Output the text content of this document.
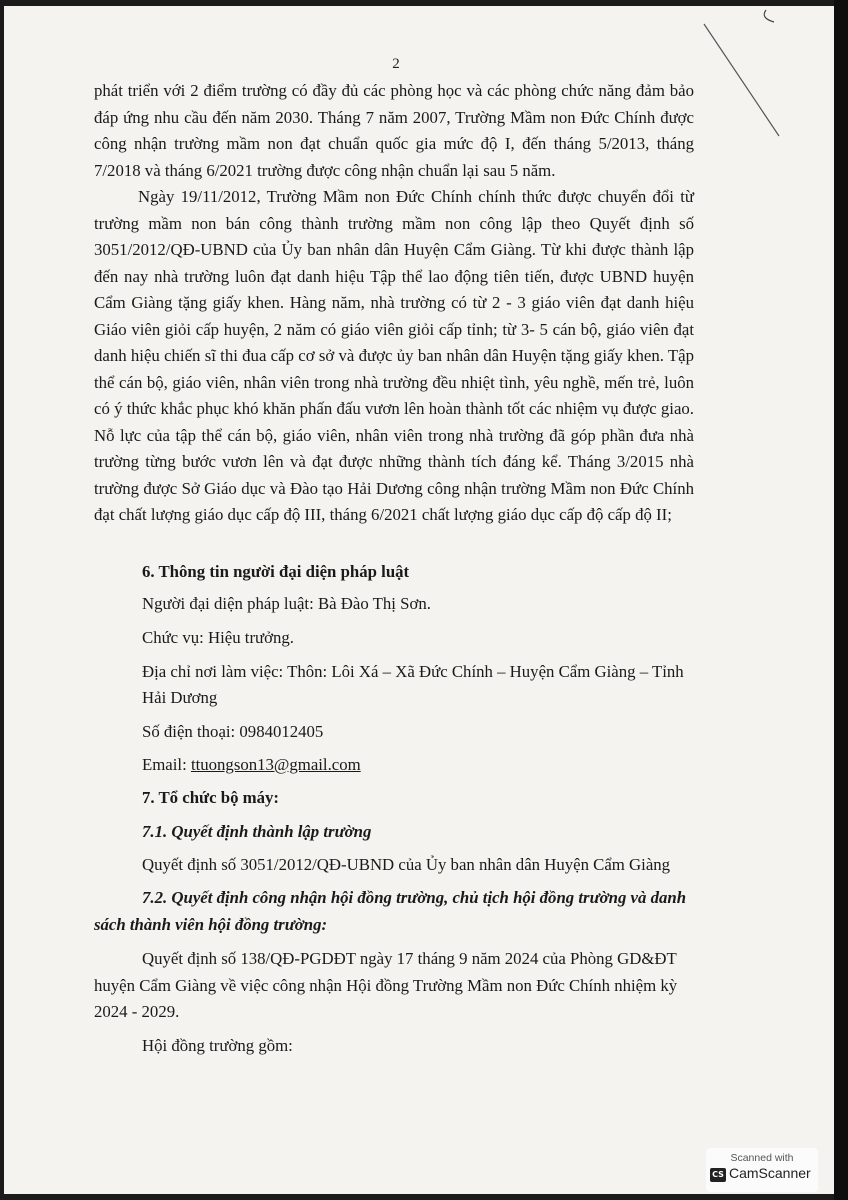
2

phát triển với 2 điểm trường có đầy đủ các phòng học và các phòng chức năng đảm bảo đáp ứng nhu cầu đến năm 2030. Tháng 7 năm 2007, Trường Mầm non Đức Chính được công nhận trường mầm non đạt chuẩn quốc gia mức độ I, đến tháng 5/2013, tháng 7/2018 và tháng 6/2021 trường được công nhận chuẩn lại sau 5 năm.

Ngày 19/11/2012, Trường Mầm non Đức Chính chính thức được chuyển đổi từ trường mầm non bán công thành trường mầm non công lập theo Quyết định số 3051/2012/QĐ-UBND của Ủy ban nhân dân Huyện Cẩm Giàng. Từ khi được thành lập đến nay nhà trường luôn đạt danh hiệu Tập thể lao động tiên tiến, được UBND huyện Cẩm Giàng tặng giấy khen. Hàng năm, nhà trường có từ 2 - 3 giáo viên đạt danh hiệu Giáo viên giỏi cấp huyện, 2 năm có giáo viên giỏi cấp tỉnh; từ 3- 5 cán bộ, giáo viên đạt danh hiệu chiến sĩ thi đua cấp cơ sở và được ủy ban nhân dân Huyện tặng giấy khen. Tập thể cán bộ, giáo viên, nhân viên trong nhà trường đều nhiệt tình, yêu nghề, mến trẻ, luôn có ý thức khắc phục khó khăn phấn đấu vươn lên hoàn thành tốt các nhiệm vụ được giao. Nỗ lực của tập thể cán bộ, giáo viên, nhân viên trong nhà trường đã góp phần đưa nhà trường từng bước vươn lên và đạt được những thành tích đáng kể. Tháng 3/2015 nhà trường được Sở Giáo dục và Đào tạo Hải Dương công nhận trường Mầm non Đức Chính đạt chất lượng giáo dục cấp độ III, tháng 6/2021 chất lượng giáo dục cấp độ cấp độ II;

6. Thông tin người đại diện pháp luật
Người đại diện pháp luật: Bà Đào Thị Sơn.
Chức vụ: Hiệu trưởng.
Địa chỉ nơi làm việc: Thôn: Lôi Xá – Xã Đức Chính – Huyện Cẩm Giàng – Tỉnh
Hải Dương
Số điện thoại: 0984012405
Email: ttuongson13@gmail.com
7. Tổ chức bộ máy:
7.1. Quyết định thành lập trường
Quyết định số 3051/2012/QĐ-UBND của Ủy ban nhân dân Huyện Cẩm Giàng
7.2. Quyết định công nhận hội đồng trường, chủ tịch hội đồng trường và danh
sách thành viên hội đồng trường:
Quyết định số 138/QĐ-PGDĐT ngày 17 tháng 9 năm 2024 của Phòng GD&ĐT
huyện Cẩm Giàng về việc công nhận Hội đồng Trường Mầm non Đức Chính nhiệm kỳ
2024 - 2029.
Hội đồng trường gồm:
Scanned with
CS CamScanner
